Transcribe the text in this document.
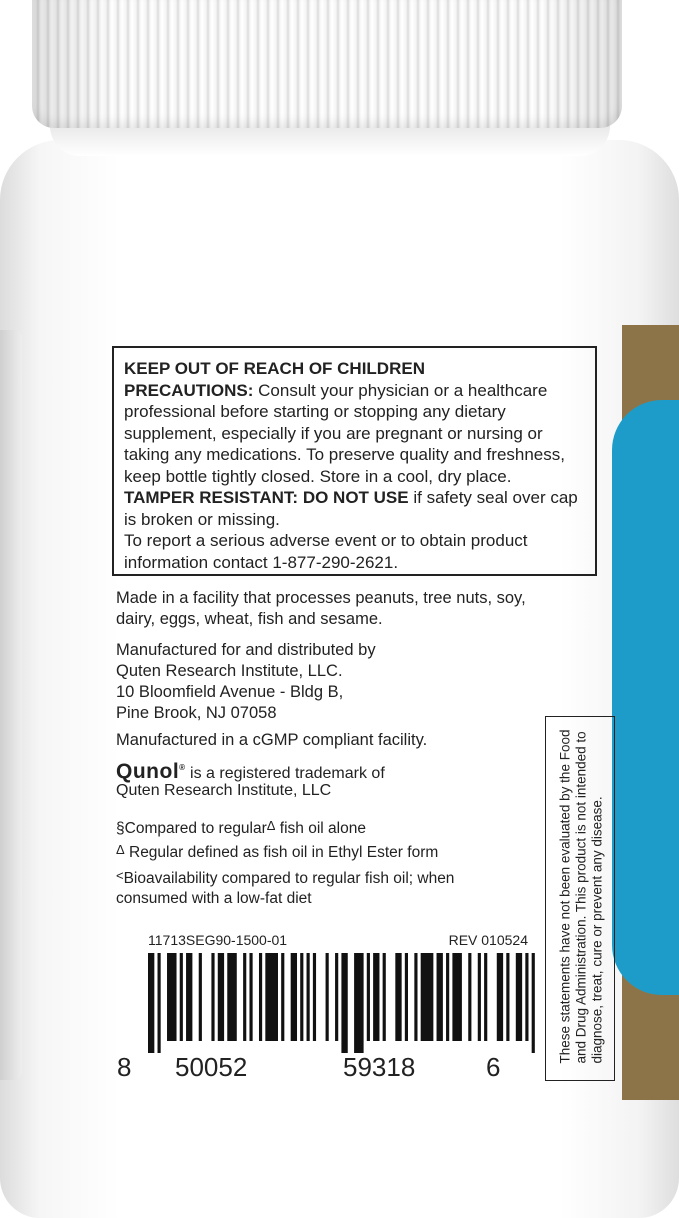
KEEP OUT OF REACH OF CHILDREN

PRECAUTIONS: Consult your physician or a healthcare professional before starting or stopping any dietary supplement, especially if you are pregnant or nursing or taking any medications. To preserve quality and freshness, keep bottle tightly closed. Store in a cool, dry place.

TAMPER RESISTANT: DO NOT USE if safety seal over cap is broken or missing.

To report a serious adverse event or to obtain product information contact 1-877-290-2621.

Made in a facility that processes peanuts, tree nuts, soy, dairy, eggs, wheat, fish and sesame.

Manufactured for and distributed by
Quten Research Institute, LLC.
10 Bloomfield Avenue - Bldg B,
Pine Brook, NJ 07058

Manufactured in a cGMP compliant facility.

Qunol® is a registered trademark of
Quten Research Institute, LLC
§Compared to regularΔ fish oil alone
Δ Regular defined as fish oil in Ethyl Ester form
<Bioavailability compared to regular fish oil; when consumed with a low-fat diet
11713SEG90-1500-01	REV 010524
8 50052	59318	6
These statements have not been evaluated by the Food and Drug Administration. This product is not intended to diagnose, treat, cure or prevent any disease.
